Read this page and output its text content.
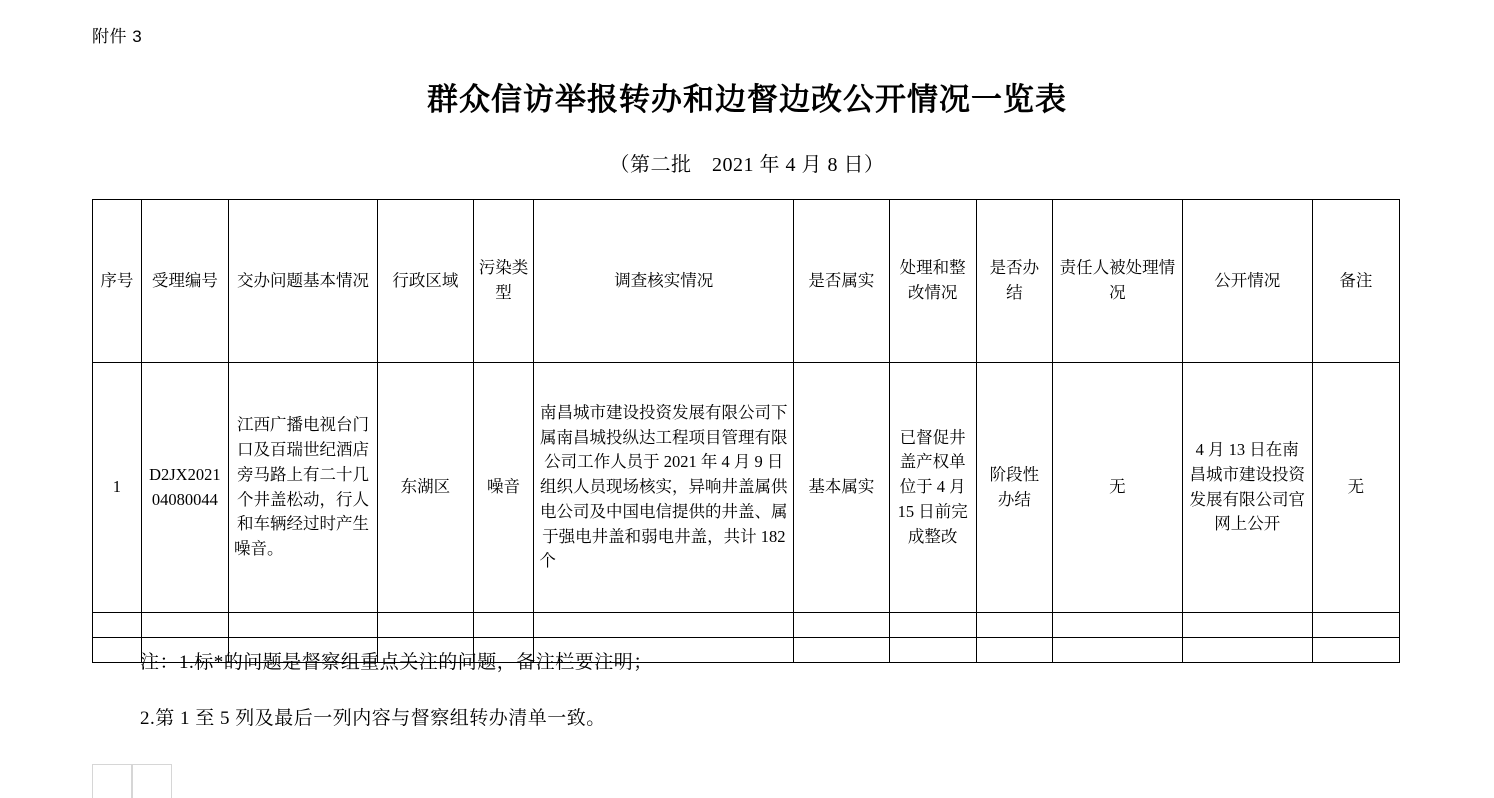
附件 3
群众信访举报转办和边督边改公开情况一览表
（第二批　2021 年 4 月 8 日）
序号	受理编号	交办问题基本情况	行政区域	污染类型	调查核实情况	是否属实	处理和整改情况	是否办结	责任人被处理情况	公开情况	备注
1	D2JX202104080044	江西广播电视台门口及百瑞世纪酒店旁马路上有二十几个井盖松动，行人和车辆经过时产生噪音。	东湖区	噪音	南昌城市建设投资发展有限公司下属南昌城投纵达工程项目管理有限公司工作人员于 2021 年 4 月 9 日组织人员现场核实，异响井盖属供电公司及中国电信提供的井盖、属于强电井盖和弱电井盖，共计 182 个	基本属实	已督促井盖产权单位于 4 月 15 日前完成整改	阶段性办结	无	4 月 13 日在南昌城市建设投资发展有限公司官网上公开	无

注：1.标*的问题是督察组重点关注的问题，备注栏要注明；

2.第 1 至 5 列及最后一列内容与督察组转办清单一致。
